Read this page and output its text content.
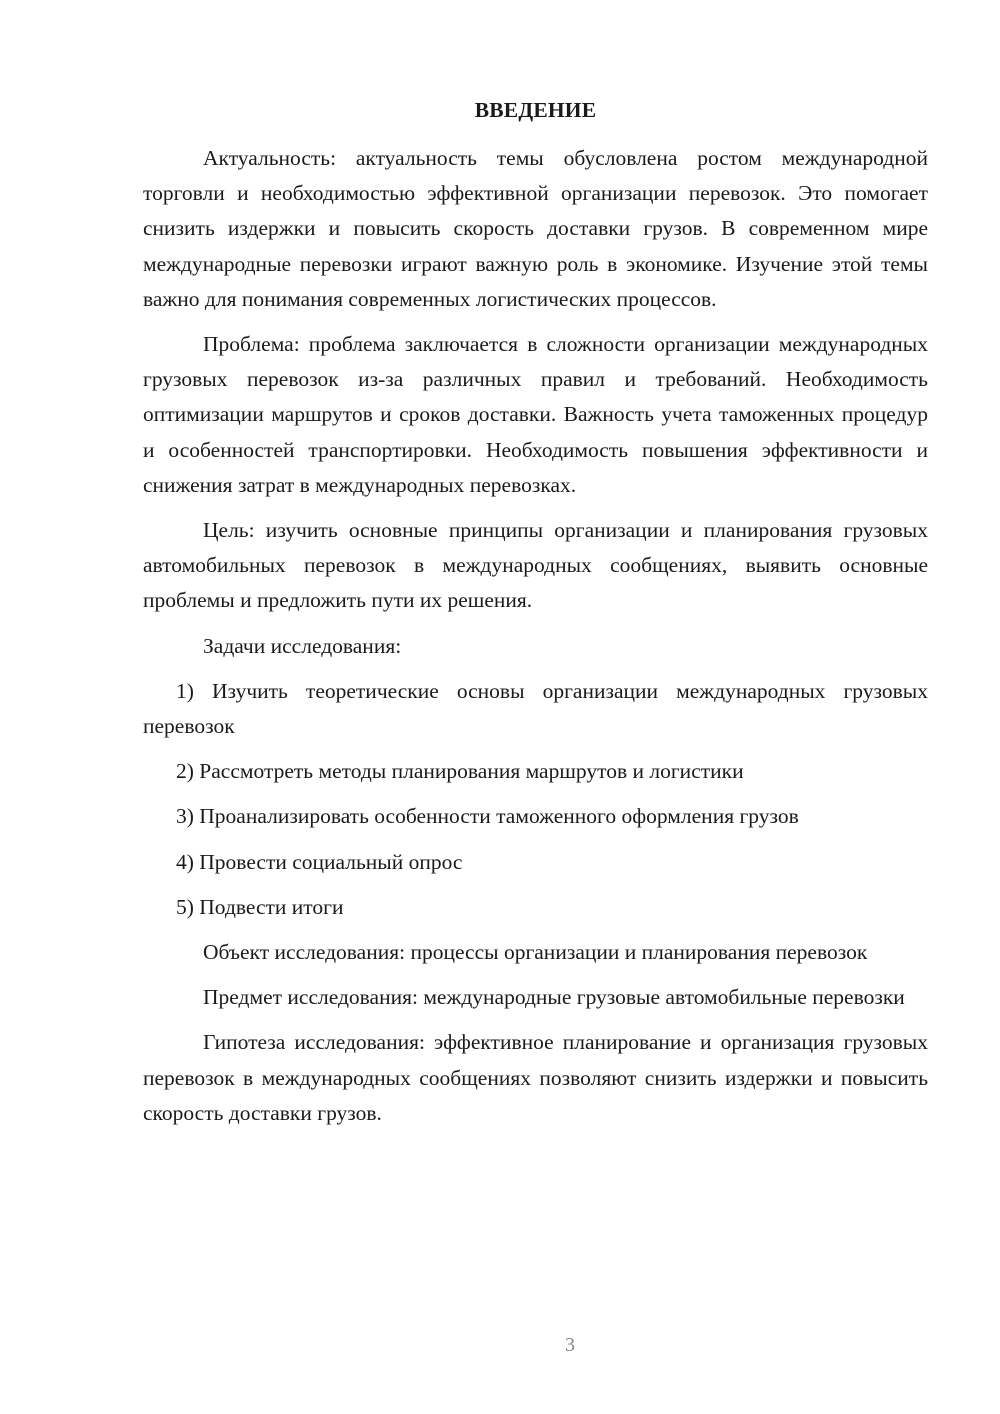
ВВЕДЕНИЕ

Актуальность: актуальность темы обусловлена ростом международной торговли и необходимостью эффективной организации перевозок. Это помогает снизить издержки и повысить скорость доставки грузов. В современном мире международные перевозки играют важную роль в экономике. Изучение этой темы важно для понимания современных логистических процессов.

Проблема: проблема заключается в сложности организации международных грузовых перевозок из-за различных правил и требований. Необходимость оптимизации маршрутов и сроков доставки. Важность учета таможенных процедур и особенностей транспортировки. Необходимость повышения эффективности и снижения затрат в международных перевозках.

Цель: изучить основные принципы организации и планирования грузовых автомобильных перевозок в международных сообщениях, выявить основные проблемы и предложить пути их решения.

Задачи исследования:

1) Изучить теоретические основы организации международных грузовых перевозок

2) Рассмотреть методы планирования маршрутов и логистики

3) Проанализировать особенности таможенного оформления грузов

4) Провести социальный опрос

5) Подвести итоги

Объект исследования: процессы организации и планирования перевозок

Предмет исследования: международные грузовые автомобильные перевозки

Гипотеза исследования: эффективное планирование и организация грузовых перевозок в международных сообщениях позволяют снизить издержки и повысить скорость доставки грузов.

3
